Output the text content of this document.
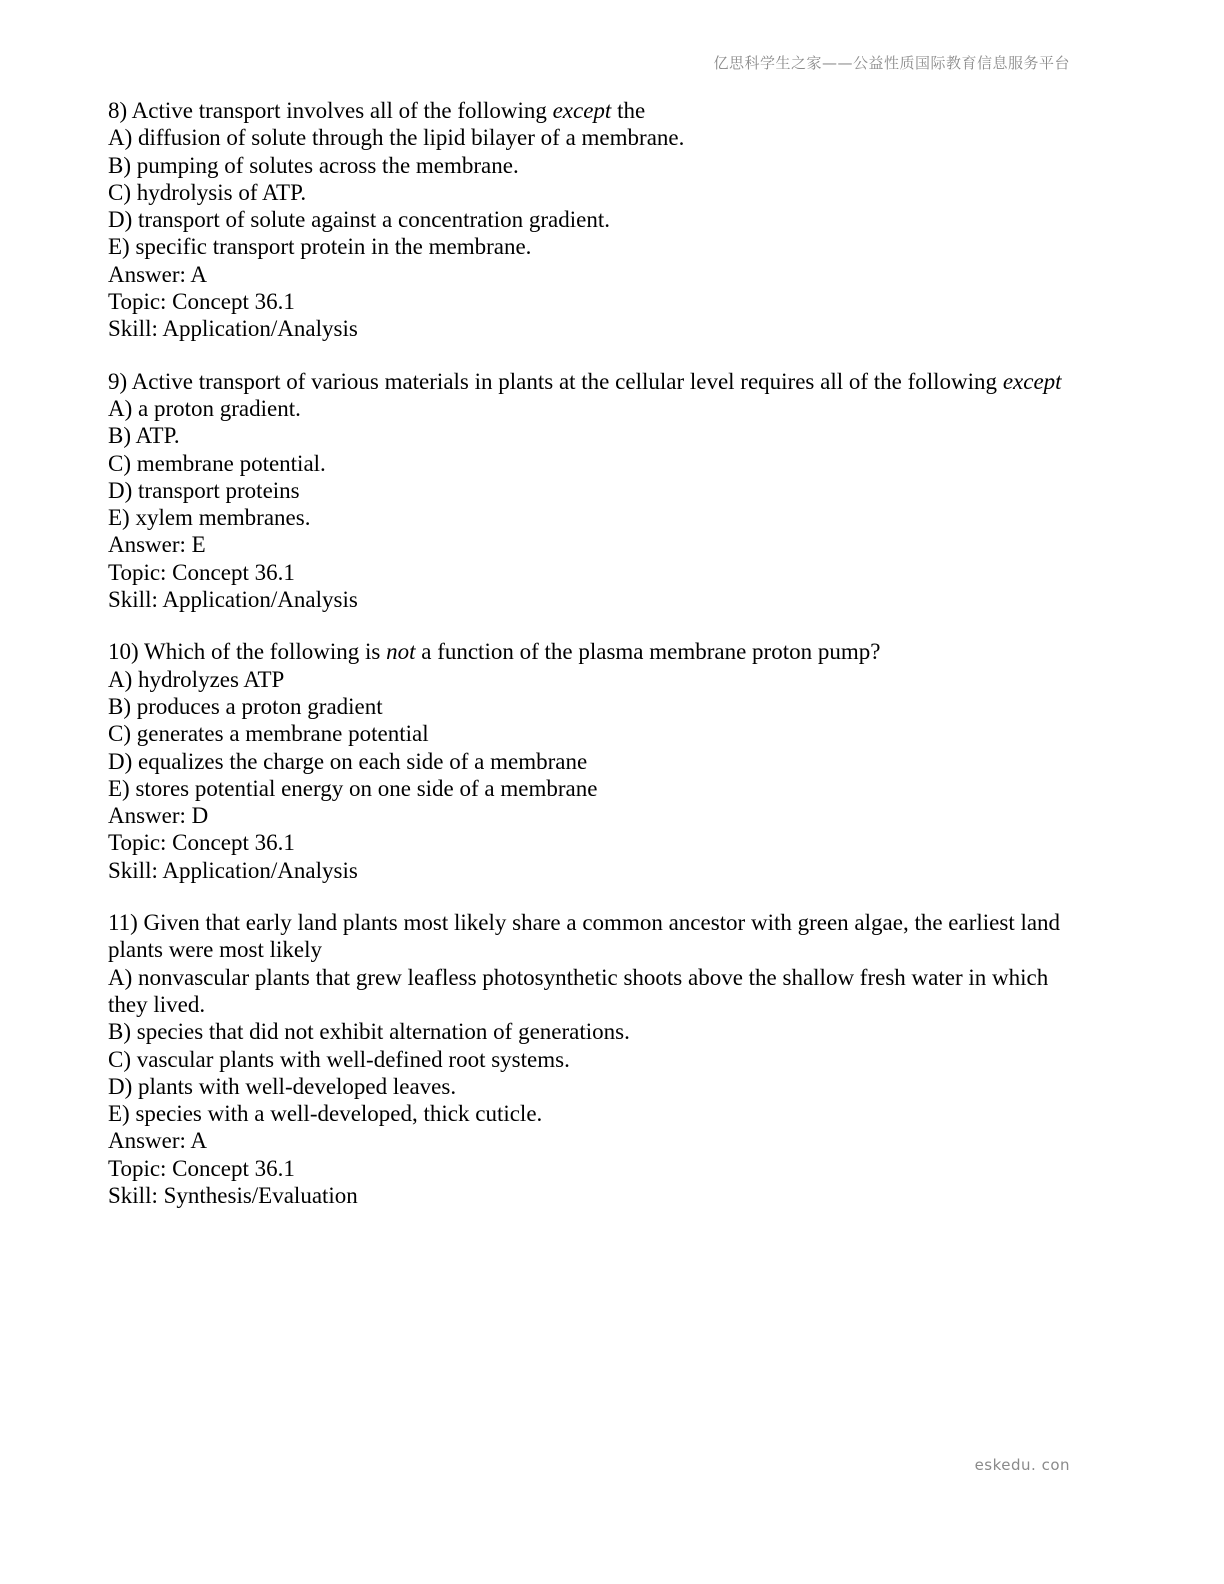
亿思科学生之家——公益性质国际教育信息服务平台
8) Active transport involves all of the following except the
A) diffusion of solute through the lipid bilayer of a membrane.
B) pumping of solutes across the membrane.
C) hydrolysis of ATP.
D) transport of solute against a concentration gradient.
E) specific transport protein in the membrane.
Answer: A
Topic: Concept 36.1
Skill: Application/Analysis
9) Active transport of various materials in plants at the cellular level requires all of the following except
A) a proton gradient.
B) ATP.
C) membrane potential.
D) transport proteins
E) xylem membranes.
Answer: E
Topic: Concept 36.1
Skill: Application/Analysis
10) Which of the following is not a function of the plasma membrane proton pump?
A) hydrolyzes ATP
B) produces a proton gradient
C) generates a membrane potential
D) equalizes the charge on each side of a membrane
E) stores potential energy on one side of a membrane
Answer: D
Topic: Concept 36.1
Skill: Application/Analysis
11) Given that early land plants most likely share a common ancestor with green algae, the earliest land
plants were most likely
A) nonvascular plants that grew leafless photosynthetic shoots above the shallow fresh water in which
they lived.
B) species that did not exhibit alternation of generations.
C) vascular plants with well-defined root systems.
D) plants with well-developed leaves.
E) species with a well-developed, thick cuticle.
Answer: A
Topic: Concept 36.1
Skill: Synthesis/Evaluation
eskedu. con
